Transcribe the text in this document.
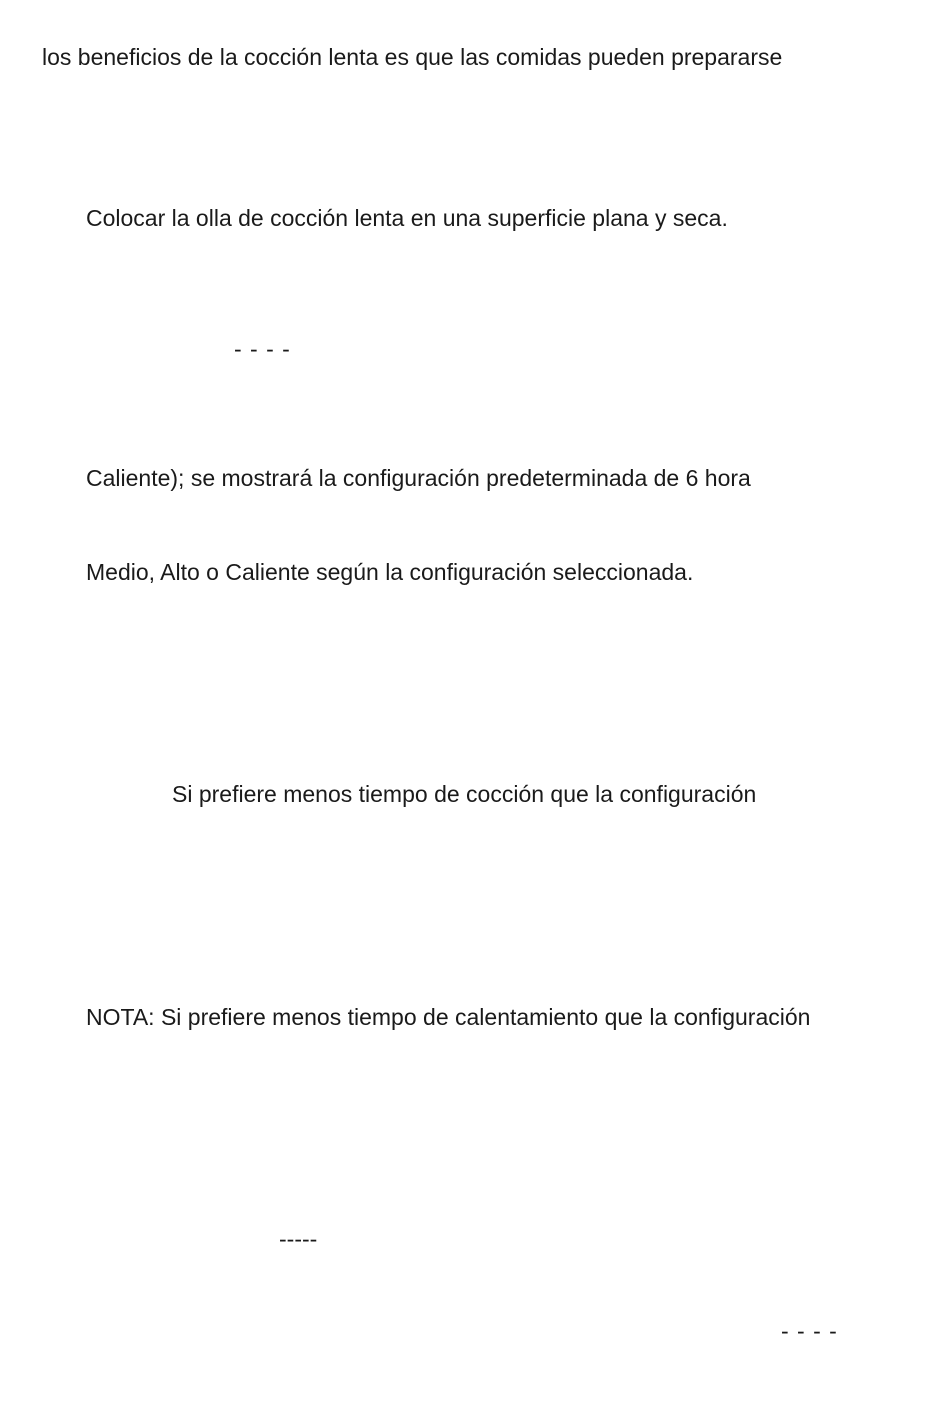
los beneficios de la cocción lenta es que las comidas pueden prepararse
Colocar la olla de cocción lenta en una superficie plana y seca.
- - - -
Caliente); se mostrará la configuración predeterminada de 6 hora
Medio, Alto o Caliente según la configuración seleccionada.
Si prefiere menos tiempo de cocción que la configuración
NOTA: Si prefiere menos tiempo de calentamiento que la configuración
-----
- - - -
